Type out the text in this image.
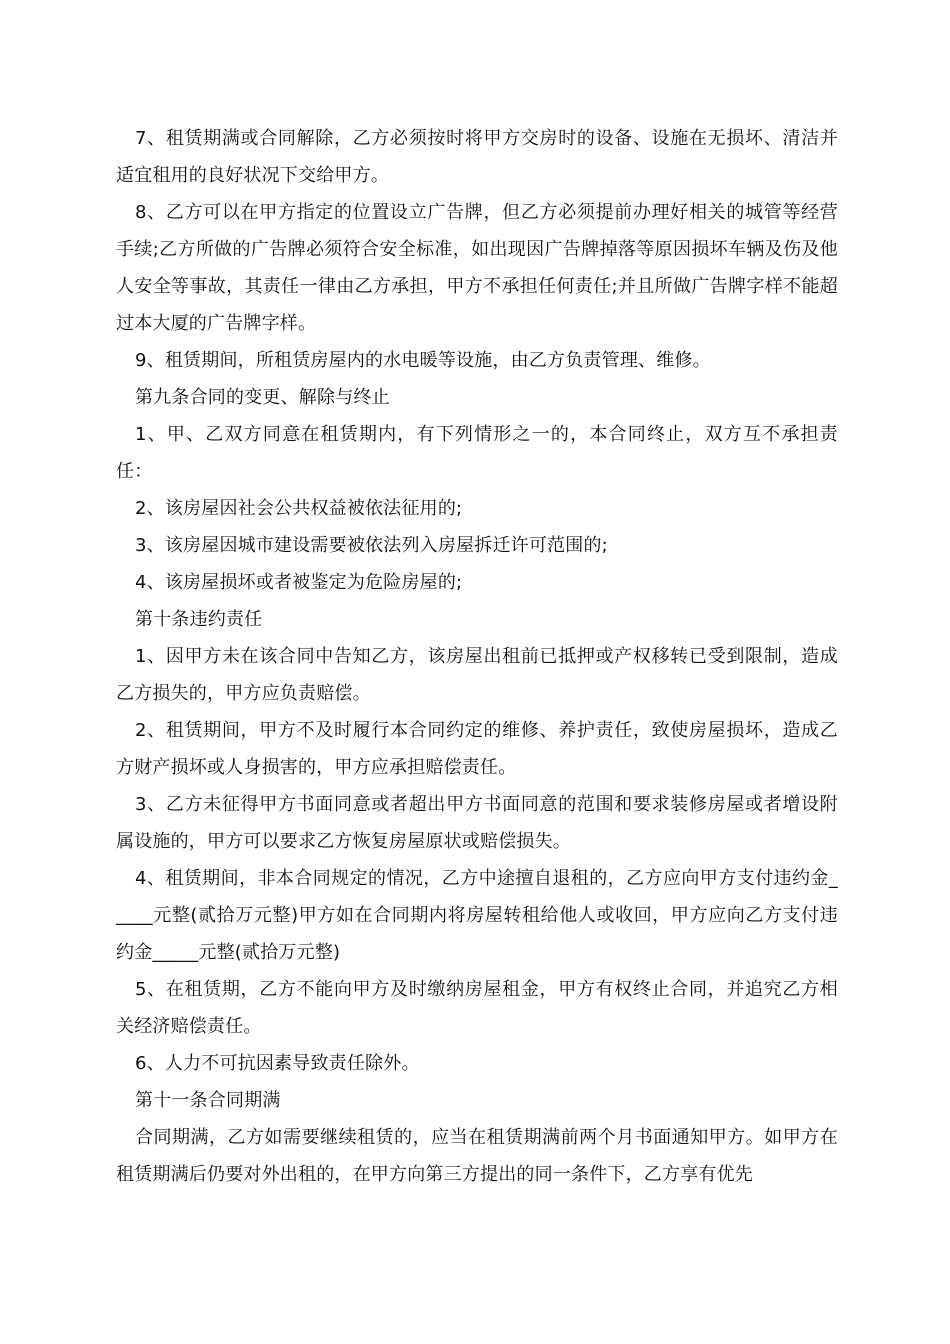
7、租赁期满或合同解除，乙方必须按时将甲方交房时的设备、设施在无损坏、清洁并适宜租用的良好状况下交给甲方。

8、乙方可以在甲方指定的位置设立广告牌，但乙方必须提前办理好相关的城管等经营手续;乙方所做的广告牌必须符合安全标准，如出现因广告牌掉落等原因损坏车辆及伤及他人安全等事故，其责任一律由乙方承担，甲方不承担任何责任;并且所做广告牌字样不能超过本大厦的广告牌字样。

9、租赁期间，所租赁房屋内的水电暖等设施，由乙方负责管理、维修。

第九条合同的变更、解除与终止

1、甲、乙双方同意在租赁期内，有下列情形之一的，本合同终止，双方互不承担责任：

2、该房屋因社会公共权益被依法征用的;

3、该房屋因城市建设需要被依法列入房屋拆迁许可范围的;

4、该房屋损坏或者被鉴定为危险房屋的;

第十条违约责任

1、因甲方未在该合同中告知乙方，该房屋出租前已抵押或产权移转已受到限制，造成乙方损失的，甲方应负责赔偿。

2、租赁期间，甲方不及时履行本合同约定的维修、养护责任，致使房屋损坏，造成乙方财产损坏或人身损害的，甲方应承担赔偿责任。

3、乙方未征得甲方书面同意或者超出甲方书面同意的范围和要求装修房屋或者增设附属设施的，甲方可以要求乙方恢复房屋原状或赔偿损失。

4、租赁期间，非本合同规定的情况，乙方中途擅自退租的，乙方应向甲方支付违约金_____元整(贰拾万元整)甲方如在合同期内将房屋转租给他人或收回，甲方应向乙方支付违约金_____元整(贰拾万元整)

5、在租赁期，乙方不能向甲方及时缴纳房屋租金，甲方有权终止合同，并追究乙方相关经济赔偿责任。

6、人力不可抗因素导致责任除外。

第十一条合同期满

合同期满，乙方如需要继续租赁的，应当在租赁期满前两个月书面通知甲方。如甲方在租赁期满后仍要对外出租的，在甲方向第三方提出的同一条件下，乙方享有优先
